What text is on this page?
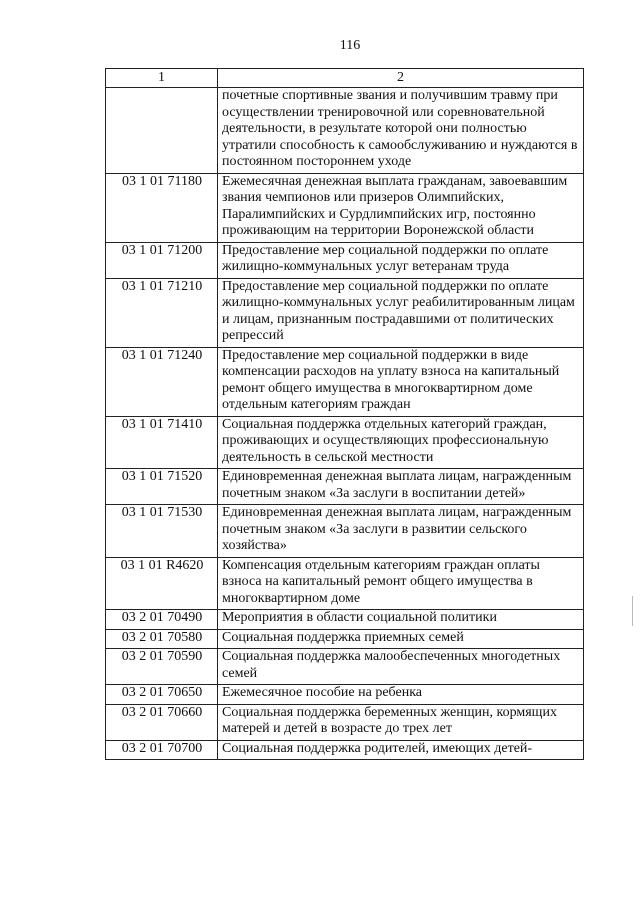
116
1	2
	почетные спортивные звания и получившим травму при осуществлении тренировочной или соревновательной деятельности, в результате которой они полностью утратили способность к самообслуживанию и нуждаются в постоянном постороннем уходе
03 1 01 71180	Ежемесячная денежная выплата гражданам, завоевавшим звания чемпионов или призеров Олимпийских, Паралимпийских и Сурдлимпийских игр, постоянно проживающим на территории Воронежской области
03 1 01 71200	Предоставление мер социальной поддержки по оплате жилищно-коммунальных услуг ветеранам труда
03 1 01 71210	Предоставление мер социальной поддержки по оплате жилищно-коммунальных услуг реабилитированным лицам и лицам, признанным пострадавшими от политических репрессий
03 1 01 71240	Предоставление мер социальной поддержки в виде компенсации расходов на уплату взноса на капитальный ремонт общего имущества в многоквартирном доме отдельным категориям граждан
03 1 01 71410	Социальная поддержка отдельных категорий граждан, проживающих и осуществляющих профессиональную деятельность в сельской местности
03 1 01 71520	Единовременная денежная выплата лицам, награжденным почетным знаком «За заслуги в воспитании детей»
03 1 01 71530	Единовременная денежная выплата лицам, награжденным почетным знаком «За заслуги в развитии сельского хозяйства»
03 1 01 R4620	Компенсация отдельным категориям граждан оплаты взноса на капитальный ремонт общего имущества в многоквартирном доме
03 2 01 70490	Мероприятия в области социальной политики
03 2 01 70580	Социальная поддержка приемных семей
03 2 01 70590	Социальная поддержка малообеспеченных многодетных семей
03 2 01 70650	Ежемесячное пособие на ребенка
03 2 01 70660	Социальная поддержка беременных женщин, кормящих матерей и детей в возрасте до трех лет
03 2 01 70700	Социальная поддержка родителей, имеющих детей-
